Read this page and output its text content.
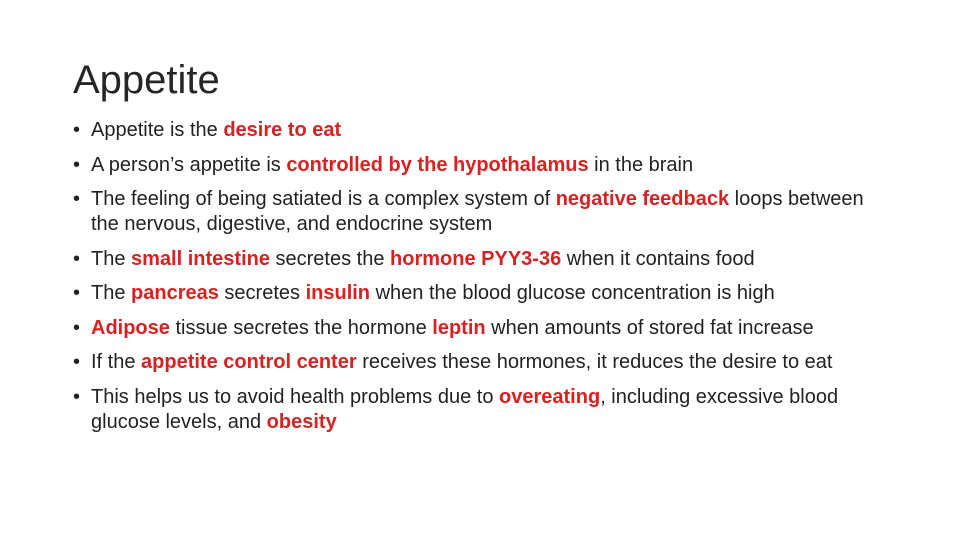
Appetite
• Appetite is the desire to eat
• A person’s appetite is controlled by the hypothalamus in the brain
• The feeling of being satiated is a complex system of negative feedback loops between the nervous, digestive, and endocrine system
• The small intestine secretes the hormone PYY3-36 when it contains food
• The pancreas secretes insulin when the blood glucose concentration is high
• Adipose tissue secretes the hormone leptin when amounts of stored fat increase
• If the appetite control center receives these hormones, it reduces the desire to eat
• This helps us to avoid health problems due to overeating, including excessive blood glucose levels, and obesity
